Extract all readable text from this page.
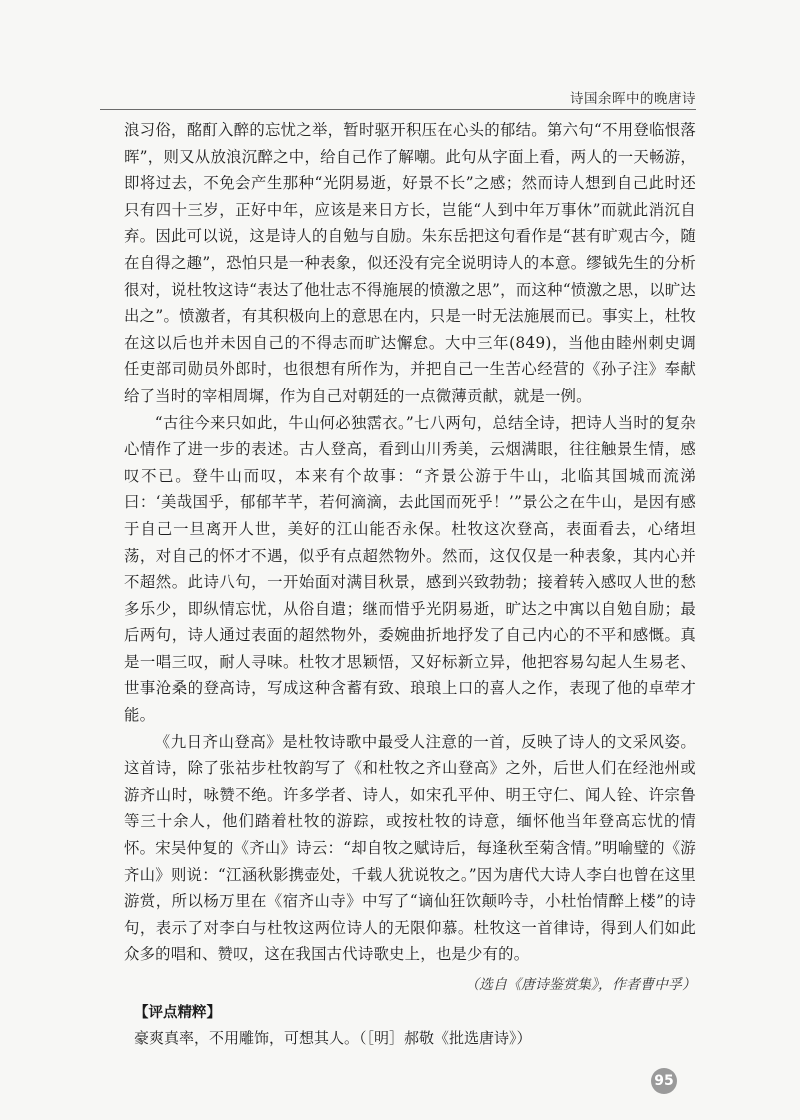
诗国余晖中的晚唐诗

浪习俗，酩酊入醉的忘忧之举，暂时驱开积压在心头的郁结。第六句“不用登临恨落晖”，则又从放浪沉醉之中，给自己作了解嘲。此句从字面上看，两人的一天畅游，即将过去，不免会产生那种“光阴易逝，好景不长”之感；然而诗人想到自己此时还只有四十三岁，正好中年，应该是来日方长，岂能“人到中年万事休”而就此消沉自弃。因此可以说，这是诗人的自勉与自励。朱东岳把这句看作是“甚有旷观古今，随在自得之趣”，恐怕只是一种表象，似还没有完全说明诗人的本意。缪钺先生的分析很对，说杜牧这诗“表达了他壮志不得施展的愤激之思”，而这种“愤激之思，以旷达出之”。愤激者，有其积极向上的意思在内，只是一时无法施展而已。事实上，杜牧在这以后也并未因自己的不得志而旷达懈怠。大中三年(849)，当他由睦州刺史调任吏部司勋员外郎时，也很想有所作为，并把自己一生苦心经营的《孙子注》奉献给了当时的宰相周墀，作为自己对朝廷的一点微薄贡献，就是一例。

“古往今来只如此，牛山何必独霑衣。”七八两句，总结全诗，把诗人当时的复杂心情作了进一步的表述。古人登高，看到山川秀美，云烟满眼，往往触景生情，感叹不已。登牛山而叹，本来有个故事：“齐景公游于牛山，北临其国城而流涕曰：‘美哉国乎，郁郁芊芊，若何滴滴，去此国而死乎！’”景公之在牛山，是因有感于自己一旦离开人世，美好的江山能否永保。杜牧这次登高，表面看去，心绪坦荡，对自己的怀才不遇，似乎有点超然物外。然而，这仅仅是一种表象，其内心并不超然。此诗八句，一开始面对满目秋景，感到兴致勃勃；接着转入感叹人世的愁多乐少，即纵情忘忧，从俗自遣；继而惜乎光阴易逝，旷达之中寓以自勉自励；最后两句，诗人通过表面的超然物外，委婉曲折地抒发了自己内心的不平和感慨。真是一唱三叹，耐人寻味。杜牧才思颖悟，又好标新立异，他把容易勾起人生易老、世事沧桑的登高诗，写成这种含蓄有致、琅琅上口的喜人之作，表现了他的卓荦才能。

《九日齐山登高》是杜牧诗歌中最受人注意的一首，反映了诗人的文采风姿。这首诗，除了张祜步杜牧韵写了《和杜牧之齐山登高》之外，后世人们在经池州或游齐山时，咏赞不绝。许多学者、诗人，如宋孔平仲、明王守仁、闻人铨、许宗鲁等三十余人，他们踏着杜牧的游踪，或按杜牧的诗意，缅怀他当年登高忘忧的情怀。宋吴仲复的《齐山》诗云：“却自牧之赋诗后，每逢秋至菊含情。”明喻璧的《游齐山》则说：“江涵秋影携壶处，千载人犹说牧之。”因为唐代大诗人李白也曾在这里游赏，所以杨万里在《宿齐山寺》中写了“谪仙狂饮颠吟寺，小杜怡情醉上楼”的诗句，表示了对李白与杜牧这两位诗人的无限仰慕。杜牧这一首律诗，得到人们如此众多的唱和、赞叹，这在我国古代诗歌史上，也是少有的。

（选自《唐诗鉴赏集》，作者曹中孚）

【评点精粹】

豪爽真率，不用雕饰，可想其人。（［明］郝敬《批选唐诗》）

95
